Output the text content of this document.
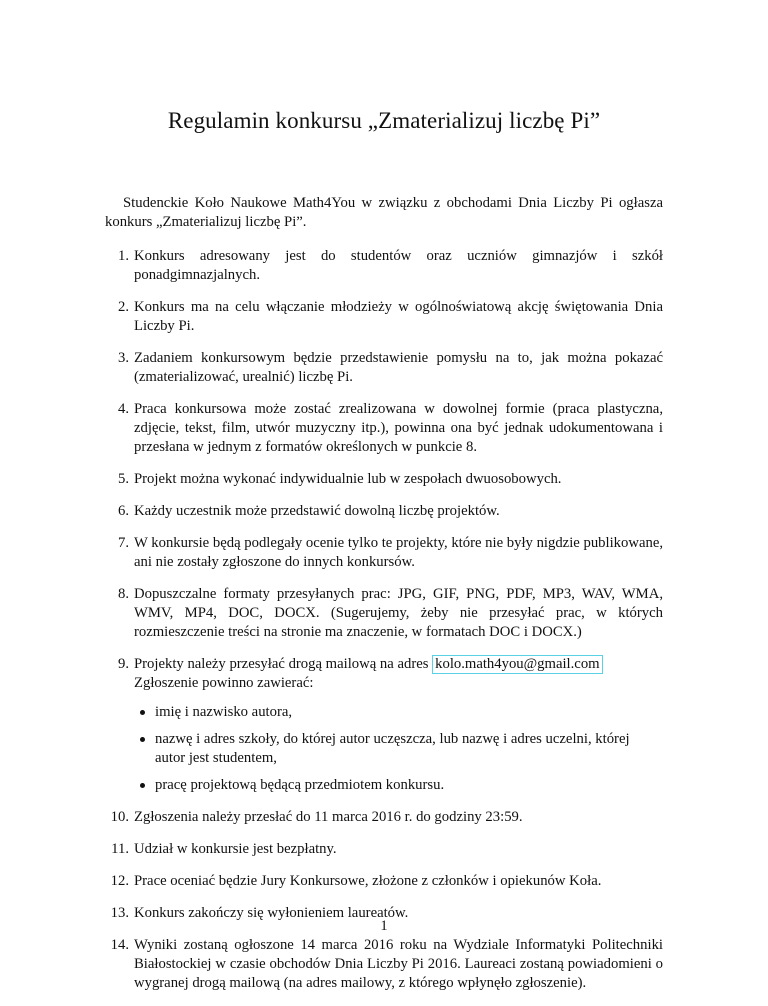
Regulamin konkursu „Zmaterializuj liczbę Pi”

Studenckie Koło Naukowe Math4You w związku z obchodami Dnia Liczby Pi ogłasza konkurs „Zmaterializuj liczbę Pi”.

1. Konkurs adresowany jest do studentów oraz uczniów gimnazjów i szkół ponadgimnazjalnych.
2. Konkurs ma na celu włączanie młodzieży w ogólnoświatową akcję świętowania Dnia Liczby Pi.
3. Zadaniem konkursowym będzie przedstawienie pomysłu na to, jak można pokazać (zmaterializować, urealnić) liczbę Pi.
4. Praca konkursowa może zostać zrealizowana w dowolnej formie (praca plastyczna, zdjęcie, tekst, film, utwór muzyczny itp.), powinna ona być jednak udokumentowana i przesłana w jednym z formatów określonych w punkcie 8.
5. Projekt można wykonać indywidualnie lub w zespołach dwuosobowych.
6. Każdy uczestnik może przedstawić dowolną liczbę projektów.
7. W konkursie będą podlegały ocenie tylko te projekty, które nie były nigdzie publikowane, ani nie zostały zgłoszone do innych konkursów.
8. Dopuszczalne formaty przesyłanych prac: JPG, GIF, PNG, PDF, MP3, WAV, WMA, WMV, MP4, DOC, DOCX. (Sugerujemy, żeby nie przesyłać prac, w których rozmieszczenie treści na stronie ma znaczenie, w formatach DOC i DOCX.)
9. Projekty należy przesyłać drogą mailową na adres kolo.math4you@gmail.com
Zgłoszenie powinno zawierać:
imię i nazwisko autora,
nazwę i adres szkoły, do której autor uczęszcza, lub nazwę i adres uczelni, której autor jest studentem,
pracę projektową będącą przedmiotem konkursu.
10. Zgłoszenia należy przesłać do 11 marca 2016 r. do godziny 23:59.
11. Udział w konkursie jest bezpłatny.
12. Prace oceniać będzie Jury Konkursowe, złożone z członków i opiekunów Koła.
13. Konkurs zakończy się wyłonieniem laureatów.
14. Wyniki zostaną ogłoszone 14 marca 2016 roku na Wydziale Informatyki Politechniki Białostockiej w czasie obchodów Dnia Liczby Pi 2016. Laureaci zostaną powiadomieni o wygranej drogą mailową (na adres mailowy, z którego wpłynęło zgłoszenie).
1
